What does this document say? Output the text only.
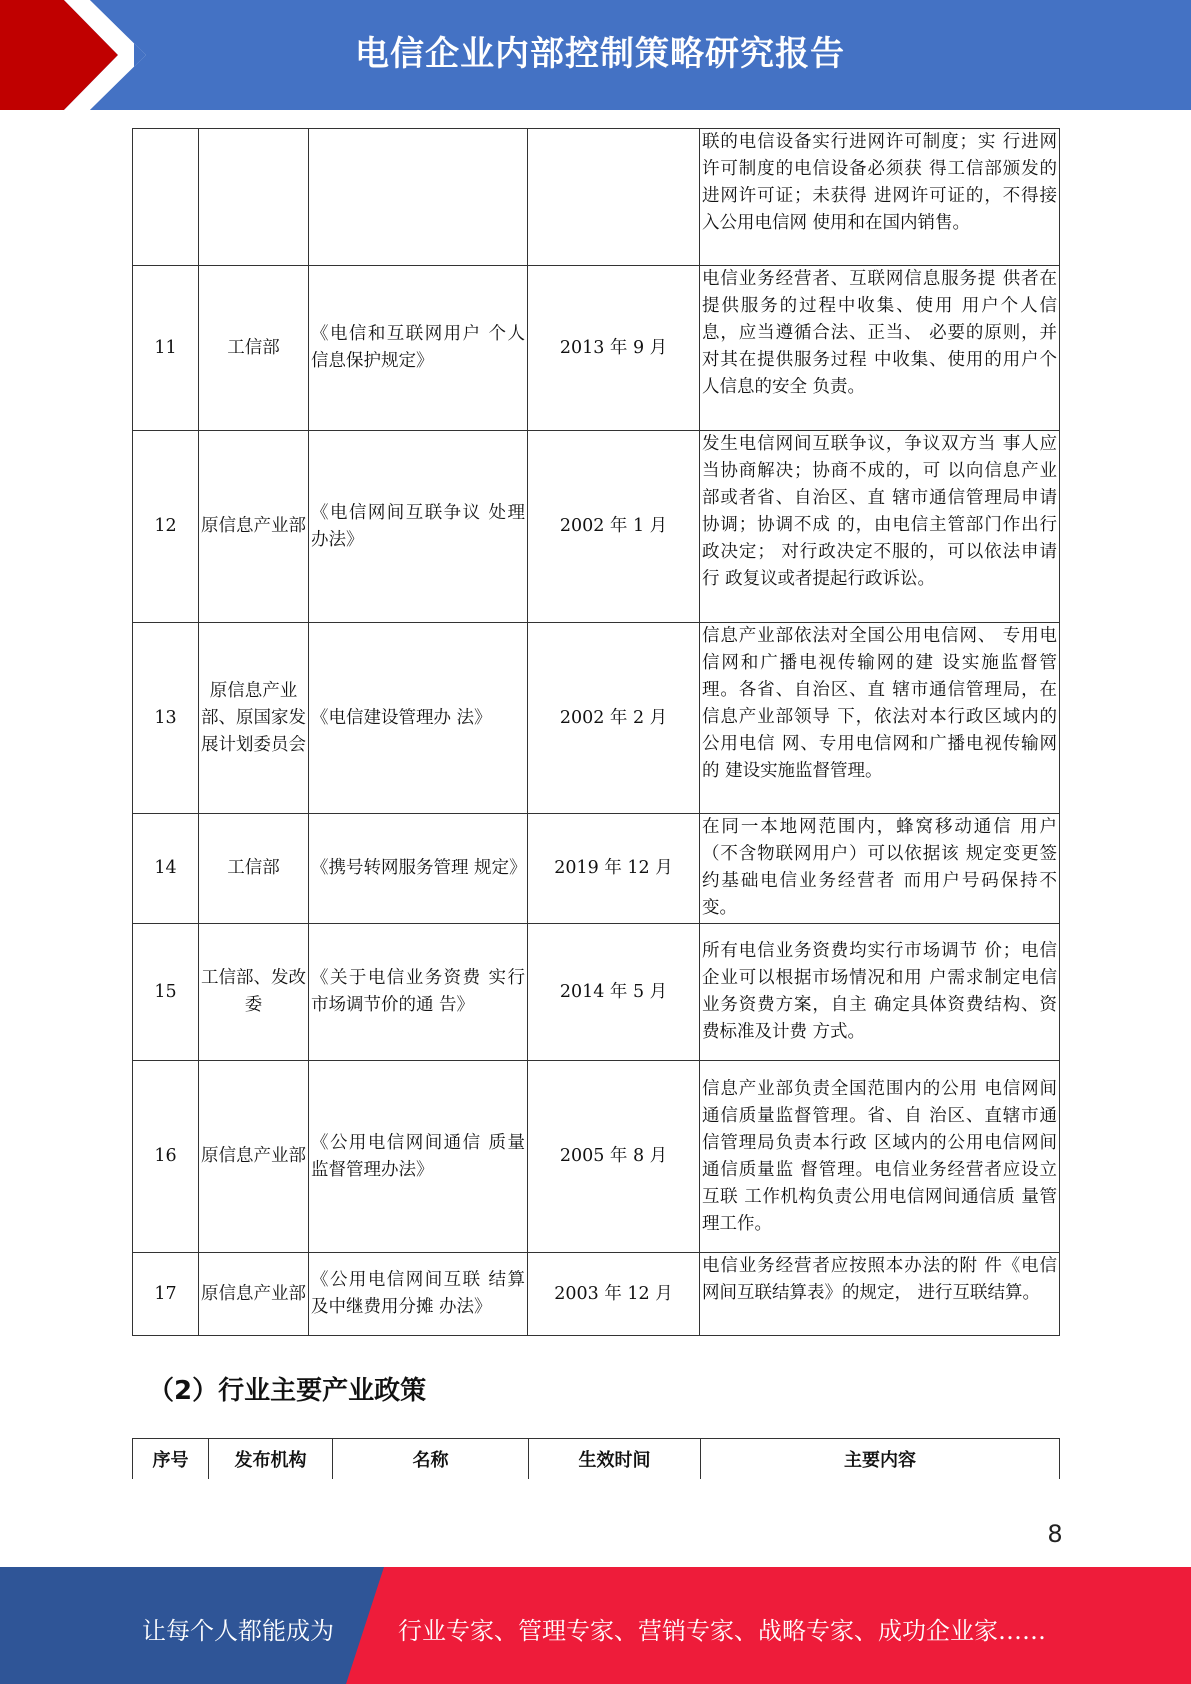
电信企业内部控制策略研究报告
				联的电信设备实行进网许可制度；实 行进网许可制度的电信设备必须获 得工信部颁发的进网许可证；未获得 进网许可证的，不得接入公用电信网 使用和在国内销售。
11	工信部	《电信和互联网用户 个人信息保护规定》	2013 年 9 月	电信业务经营者、互联网信息服务提 供者在提供服务的过程中收集、使用 用户个人信息，应当遵循合法、正当、 必要的原则，并对其在提供服务过程 中收集、使用的用户个人信息的安全 负责。
12	原信息产业部	《电信网间互联争议 处理办法》	2002 年 1 月	发生电信网间互联争议，争议双方当 事人应当协商解决；协商不成的，可 以向信息产业部或者省、自治区、直 辖市通信管理局申请协调；协调不成 的，由电信主管部门作出行政决定； 对行政决定不服的，可以依法申请行 政复议或者提起行政诉讼。
13	原信息产业部、原国家发展计划委员会	《电信建设管理办 法》	2002 年 2 月	信息产业部依法对全国公用电信网、 专用电信网和广播电视传输网的建 设实施监督管理。各省、自治区、直 辖市通信管理局，在信息产业部领导 下，依法对本行政区域内的公用电信 网、专用电信网和广播电视传输网的 建设实施监督管理。
14	工信部	《携号转网服务管理 规定》	2019 年 12 月	在同一本地网范围内，蜂窝移动通信 用户（不含物联网用户）可以依据该 规定变更签约基础电信业务经营者 而用户号码保持不变。
15	工信部、发改委	《关于电信业务资费 实行市场调节价的通 告》	2014 年 5 月	所有电信业务资费均实行市场调节 价；电信企业可以根据市场情况和用 户需求制定电信业务资费方案，自主 确定具体资费结构、资费标准及计费 方式。
16	原信息产业部	《公用电信网间通信 质量监督管理办法》	2005 年 8 月	信息产业部负责全国范围内的公用 电信网间通信质量监督管理。省、自 治区、直辖市通信管理局负责本行政 区域内的公用电信网间通信质量监 督管理。电信业务经营者应设立互联 工作机构负责公用电信网间通信质 量管理工作。
17	原信息产业部	《公用电信网间互联 结算及中继费用分摊 办法》	2003 年 12 月	电信业务经营者应按照本办法的附 件《电信网间互联结算表》的规定， 进行互联结算。
（2）行业主要产业政策
序号	发布机构	名称	生效时间	主要内容
8
让每个人都能成为	行业专家、管理专家、营销专家、战略专家、成功企业家……
